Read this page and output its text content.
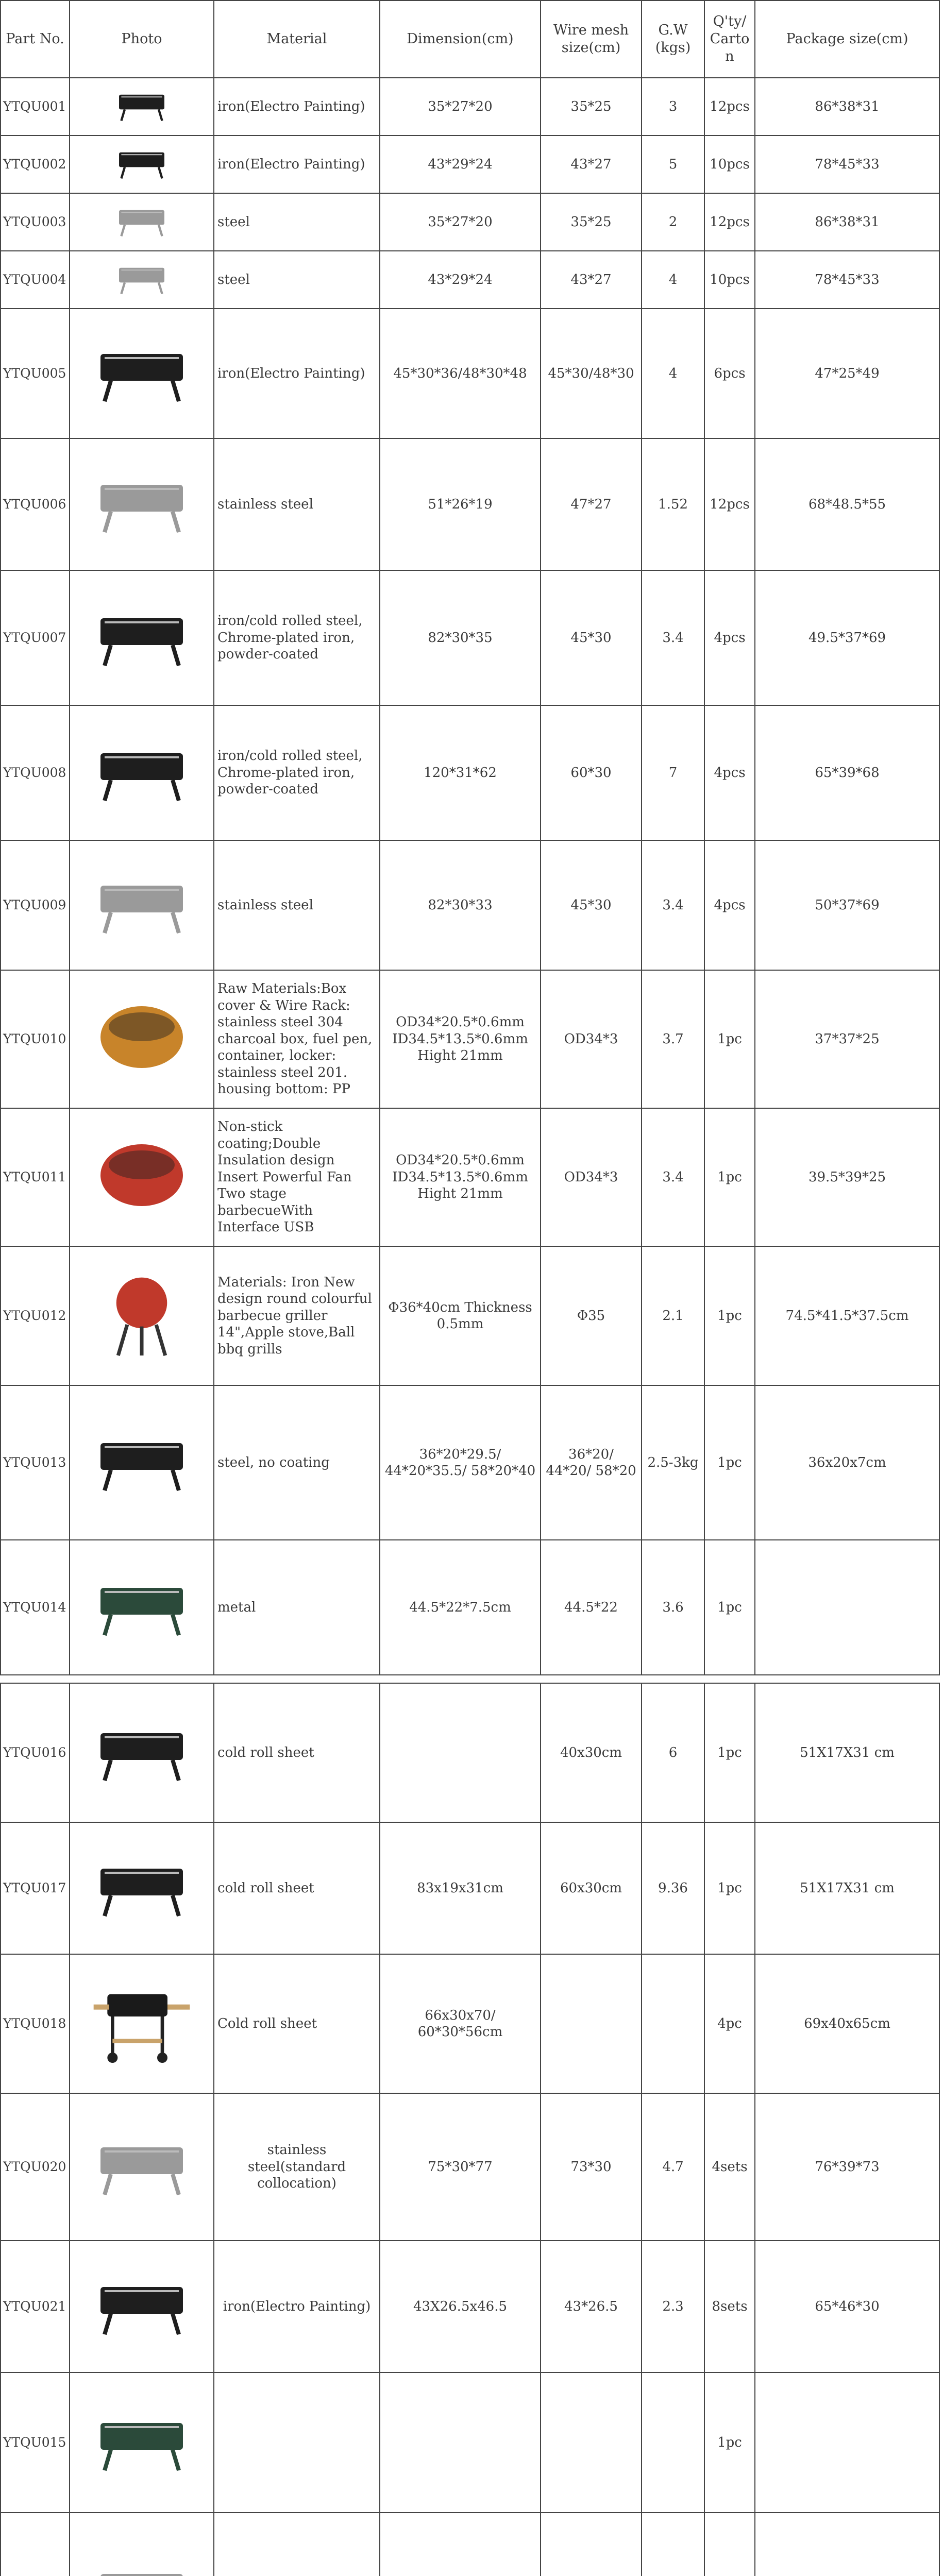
Part No.	Photo	Material	Dimension(cm)	Wire mesh size(cm)	G.W (kgs)	Q'ty/ Carto n	Package size(cm)
YTQU001		iron(Electro Painting)	35*27*20	35*25	3	12pcs	86*38*31
YTQU002		iron(Electro Painting)	43*29*24	43*27	5	10pcs	78*45*33
YTQU003		steel	35*27*20	35*25	2	12pcs	86*38*31
YTQU004		steel	43*29*24	43*27	4	10pcs	78*45*33
YTQU005		iron(Electro Painting)	45*30*36/48*30*48	45*30/48*30	4	6pcs	47*25*49
YTQU006		stainless steel	51*26*19	47*27	1.52	12pcs	68*48.5*55
YTQU007		iron/cold rolled steel, Chrome-plated iron, powder-coated	82*30*35	45*30	3.4	4pcs	49.5*37*69
YTQU008		iron/cold rolled steel, Chrome-plated iron, powder-coated	120*31*62	60*30	7	4pcs	65*39*68
YTQU009		stainless steel	82*30*33	45*30	3.4	4pcs	50*37*69
YTQU010		Raw Materials:Box cover & Wire Rack: stainless steel 304 charcoal box, fuel pen, container, locker: stainless steel 201. housing bottom: PP	OD34*20.5*0.6mm ID34.5*13.5*0.6mm Hight 21mm	OD34*3	3.7	1pc	37*37*25
YTQU011		Non-stick coating;Double Insulation design Insert Powerful Fan Two stage barbecueWith Interface USB	OD34*20.5*0.6mm ID34.5*13.5*0.6mm Hight 21mm	OD34*3	3.4	1pc	39.5*39*25
YTQU012		Materials: Iron New design round colourful barbecue griller 14",Apple stove,Ball bbq grills	Φ36*40cm Thickness 0.5mm	Φ35	2.1	1pc	74.5*41.5*37.5cm
YTQU013		steel, no coating	36*20*29.5/ 44*20*35.5/ 58*20*40	36*20/ 44*20/ 58*20	2.5-3kg	1pc	36x20x7cm
YTQU014		metal	44.5*22*7.5cm	44.5*22	3.6	1pc	

YTQU016		cold roll sheet		40x30cm	6	1pc	51X17X31 cm
YTQU017		cold roll sheet	83x19x31cm	60x30cm	9.36	1pc	51X17X31 cm
YTQU018		Cold roll sheet	66x30x70/ 60*30*56cm			4pc	69x40x65cm
YTQU020		stainless steel(standard collocation)	75*30*77	73*30	4.7	4sets	76*39*73
YTQU021		iron(Electro Painting)	43X26.5x46.5	43*26.5	2.3	8sets	65*46*30
YTQU015						1pc	
